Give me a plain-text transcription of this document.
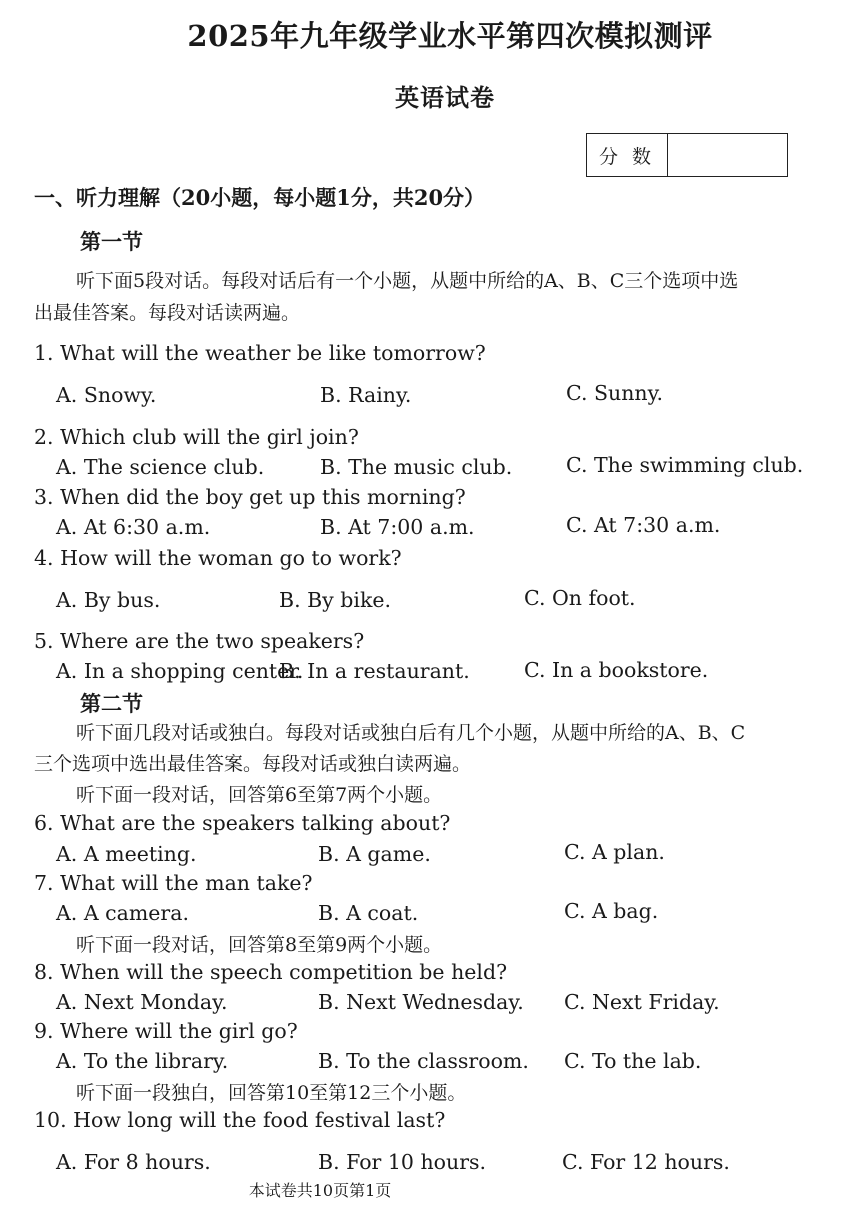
2025年九年级学业水平第四次模拟测评
英语试卷
分 数
一、听力理解（20小题，每小题1分，共20分）
第一节
听下面5段对话。每段对话后有一个小题，从题中所给的A、B、C三个选项中选
出最佳答案。每段对话读两遍。
1. What will the weather be like tomorrow?
A. Snowy.	B. Rainy.	C. Sunny.
2. Which club will the girl join?
A. The science club.	B. The music club.	C. The swimming club.
3. When did the boy get up this morning?
A. At 6:30 a.m.	B. At 7:00 a.m.	C. At 7:30 a.m.
4. How will the woman go to work?
A. By bus.	B. By bike.	C. On foot.
5. Where are the two speakers?
A. In a shopping center.
B. In a restaurant.	C. In a bookstore.
第二节
听下面几段对话或独白。每段对话或独白后有几个小题，从题中所给的A、B、C
三个选项中选出最佳答案。每段对话或独白读两遍。
听下面一段对话，回答第6至第7两个小题。
6. What are the speakers talking about?
A. A meeting.	B. A game.	C. A plan.
7. What will the man take?
A. A camera.	B. A coat.	C. A bag.
听下面一段对话，回答第8至第9两个小题。
8. When will the speech competition be held?
A. Next Monday.	B. Next Wednesday. C. Next Friday.
9. Where will the girl go?
A. To the library.	B. To the classroom. C. To the lab.
听下面一段独白，回答第10至第12三个小题。
10. How long will the food festival last?
A. For 8 hours.	B. For 10 hours.	C. For 12 hours.
本试卷共10页第1页
